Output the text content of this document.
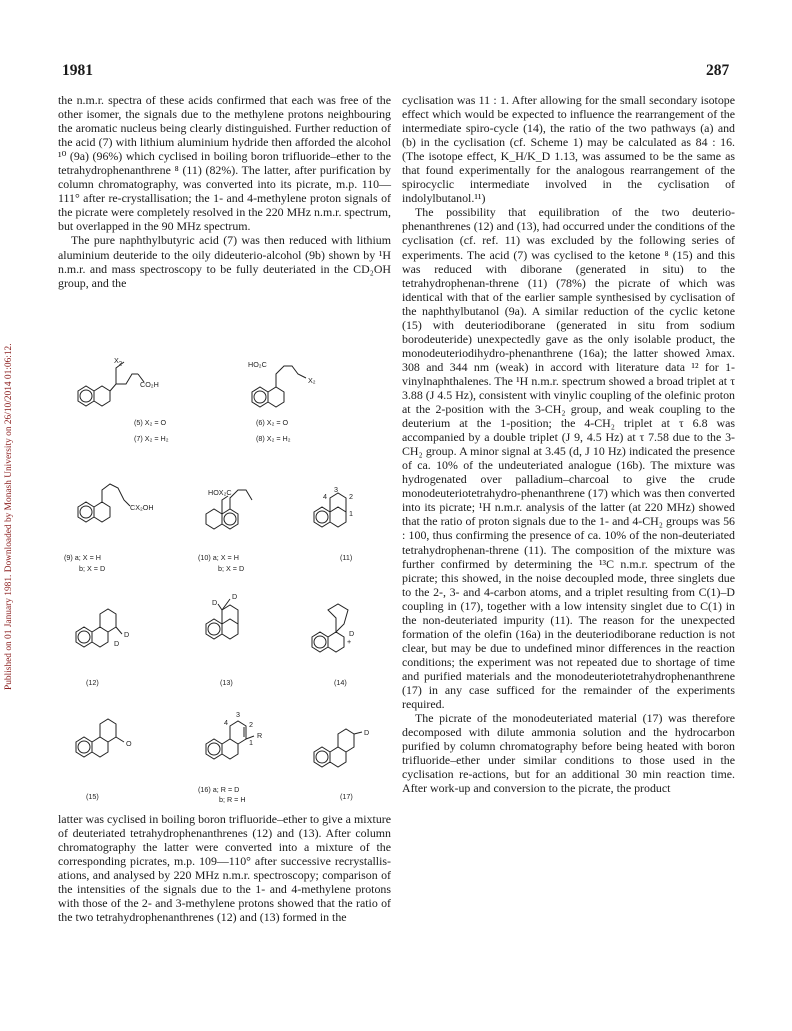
Published on 01 January 1981. Downloaded by Monash University on 26/10/2014 01:06:12.
1981	287

the n.m.r. spectra of these acids confirmed that each was free of the other isomer, the signals due to the methylene protons neighbouring the aromatic nucleus being clearly distinguished. Further reduction of the acid (7) with lithium aluminium hydride then afforded the alcohol ¹⁰ (9a) (96%) which cyclised in boiling boron trifluoride–ether to the tetrahydrophenanthrene ⁸ (11) (82%). The latter, after purification by column chromatography, was converted into its picrate, m.p. 110—111° after re-crystallisation; the 1- and 4-methylene proton signals of the picrate were completely resolved in the 220 MHz n.m.r. spectrum, but overlapped in the 90 MHz spectrum.

The pure naphthylbutyric acid (7) was then reduced with lithium aluminium deuteride to the oily dideuterio-alcohol (9b) shown by ¹H n.m.r. and mass spectroscopy to be fully deuteriated in the CD₂OH group, and the

$X_2$
CO₂H
HO₂C
X₂
(5) X₂ = O
(7) X₂ = H₂
(6) X₂ = O
(8) X₂ = H₂
CX₂OH
HOX₂C	3
4	2
1
(9) a; X = H
b; X = D
(10) a; X = H
b; X = D
(11)
D
D
D
D
D
+
(12)	(13)	(14)
O
3
4	2
1
R	D
(15)
(16) a; R = D
b; R = H	(17)

latter was cyclised in boiling boron trifluoride–ether to give a mixture of deuteriated tetrahydrophenanthrenes (12) and (13). After column chromatography the latter were converted into a mixture of the corresponding picrates, m.p. 109—110° after successive recrystallis-ations, and analysed by 220 MHz n.m.r. spectroscopy; comparison of the intensities of the signals due to the 1- and 4-methylene protons with those of the 2- and 3-methylene protons showed that the ratio of the two tetrahydrophenanthrenes (12) and (13) formed in the

cyclisation was 11 : 1. After allowing for the small secondary isotope effect which would be expected to influence the rearrangement of the intermediate spiro-cycle (14), the ratio of the two pathways (a) and (b) in the cyclisation (cf. Scheme 1) may be calculated as 84 : 16. (The isotope effect, K_H/K_D 1.13, was assumed to be the same as that found experimentally for the analogous rearrangement of the spirocyclic intermediate involved in the cyclisation of indolylbutanol.¹¹)

The possibility that equilibration of the two deuterio-phenanthrenes (12) and (13), had occurred under the conditions of the cyclisation (cf. ref. 11) was excluded by the following series of experiments. The acid (7) was cyclised to the ketone ⁸ (15) and this was reduced with diborane (generated in situ) to the tetrahydrophenan-threne (11) (78%) the picrate of which was identical with that of the earlier sample synthesised by cyclisation of the naphthylbutanol (9a). A similar reduction of the cyclic ketone (15) with deuteriodiborane (generated in situ from sodium borodeuteride) unexpectedly gave as the only isolable product, the monodeuteriodihydro-phenanthrene (16a); the latter showed λmax. 308 and 344 nm (weak) in accord with literature data ¹² for 1-vinylnaphthalenes. The ¹H n.m.r. spectrum showed a broad triplet at τ 3.88 (J 4.5 Hz), consistent with vinylic coupling of the olefinic proton at the 2-position with the 3-CH₂ group, and weak coupling to the deuterium at the 1-position; the 4-CH₂ triplet at τ 6.8 was accompanied by a double triplet (J 9, 4.5 Hz) at τ 7.58 due to the 3-CH₂ group. A minor signal at 3.45 (d, J 10 Hz) indicated the presence of ca. 10% of the undeuteriated analogue (16b). The mixture was hydrogenated over palladium–charcoal to give the crude monodeuteriotetrahydro-phenanthrene (17) which was then converted into its picrate; ¹H n.m.r. analysis of the latter (at 220 MHz) showed that the ratio of proton signals due to the 1- and 4-CH₂ groups was 56 : 100, thus confirming the presence of ca. 10% of the non-deuteriated tetrahydrophenan-threne (11). The composition of the mixture was further confirmed by determining the ¹³C n.m.r. spectrum of the picrate; this showed, in the noise decoupled mode, three singlets due to the 2-, 3- and 4-carbon atoms, and a triplet resulting from C(1)–D coupling in (17), together with a low intensity singlet due to C(1) in the non-deuteriated impurity (11). The reason for the unexpected formation of the olefin (16a) in the deuteriodiborane reduction is not clear, but may be due to undefined minor differences in the reaction conditions; the experiment was not repeated due to shortage of time and purified materials and the monodeuteriotetrahydrophenanthrene (17) in any case sufficed for the remainder of the experiments required.

The picrate of the monodeuteriated material (17) was therefore decomposed with dilute ammonia solution and the hydrocarbon purified by column chromatography before being heated with boron trifluoride–ether under similar conditions to those used in the cyclisation re-actions, but for an additional 30 min reaction time. After work-up and conversion to the picrate, the product
